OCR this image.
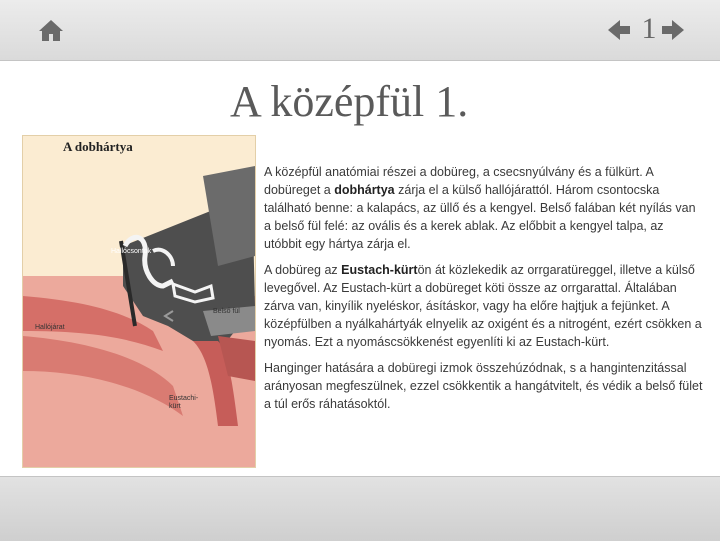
1
A középfül 1.
A dobhártya
Hallócsontok
Belső fül
Hallójárat
Eustachi-kürt

A középfül anatómiai részei a dobüreg, a csecsnyúlvány és a fülkürt. A dobüreget a dobhártya zárja el a külső hallójárattól. Három csontocska található benne: a kalapács, az üllő és a kengyel. Belső falában két nyílás van a belső fül felé: az ovális és a kerek ablak. Az előbbit a kengyel talpa, az utóbbit egy hártya zárja el.

A dobüreg az Eustach-kürtön át közlekedik az orrgaratüreggel, illetve a külső levegővel. Az Eustach-kürt a dobüreget köti össze az orrgarattal. Általában zárva van, kinyílik nyeléskor, ásításkor, vagy ha előre hajtjuk a fejünket. A középfülben a nyálkahártyák elnyelik az oxigént és a nitrogént, ezért csökken a nyomás. Ezt a nyomáscsökkenést egyenlíti ki az Eustach-kürt.

Hanginger hatására a dobüregi izmok összehúzódnak, s a hangintenzitással arányosan megfeszülnek, ezzel csökkentik a hangátvitelt, és védik a belső fület a túl erős ráhatásoktól.
